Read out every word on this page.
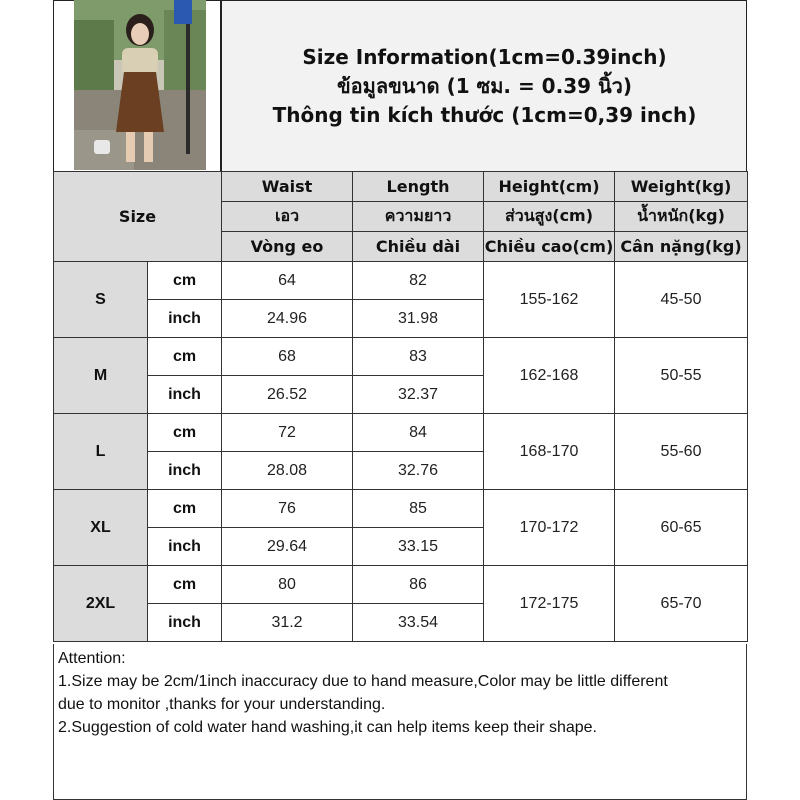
Size Information(1cm=0.39inch)
ข้อมูลขนาด (1 ซม. = 0.39 นิ้ว)
Thông tin kích thước (1cm=0,39 inch)
Size		Waist	Length	Height(cm)	Weight(kg)
		เอว	ความยาว	ส่วนสูง(cm)	น้ำหนัก(kg)
		Vòng eo	Chiều dài	Chiều cao(cm)	Cân nặng(kg)
S	cm	64	82	155-162	45-50
	inch	24.96	31.98		
M	cm	68	83	162-168	50-55
	inch	26.52	32.37		
L	cm	72	84	168-170	55-60
	inch	28.08	32.76		
XL	cm	76	85	170-172	60-65
	inch	29.64	33.15		
2XL	cm	80	86	172-175	65-70
	inch	31.2	33.54		
Attention:
1.Size may be 2cm/1inch inaccuracy due to hand measure,Color may be little different
due to monitor ,thanks for your understanding.
2.Suggestion of cold water hand washing,it can help items keep their shape.
